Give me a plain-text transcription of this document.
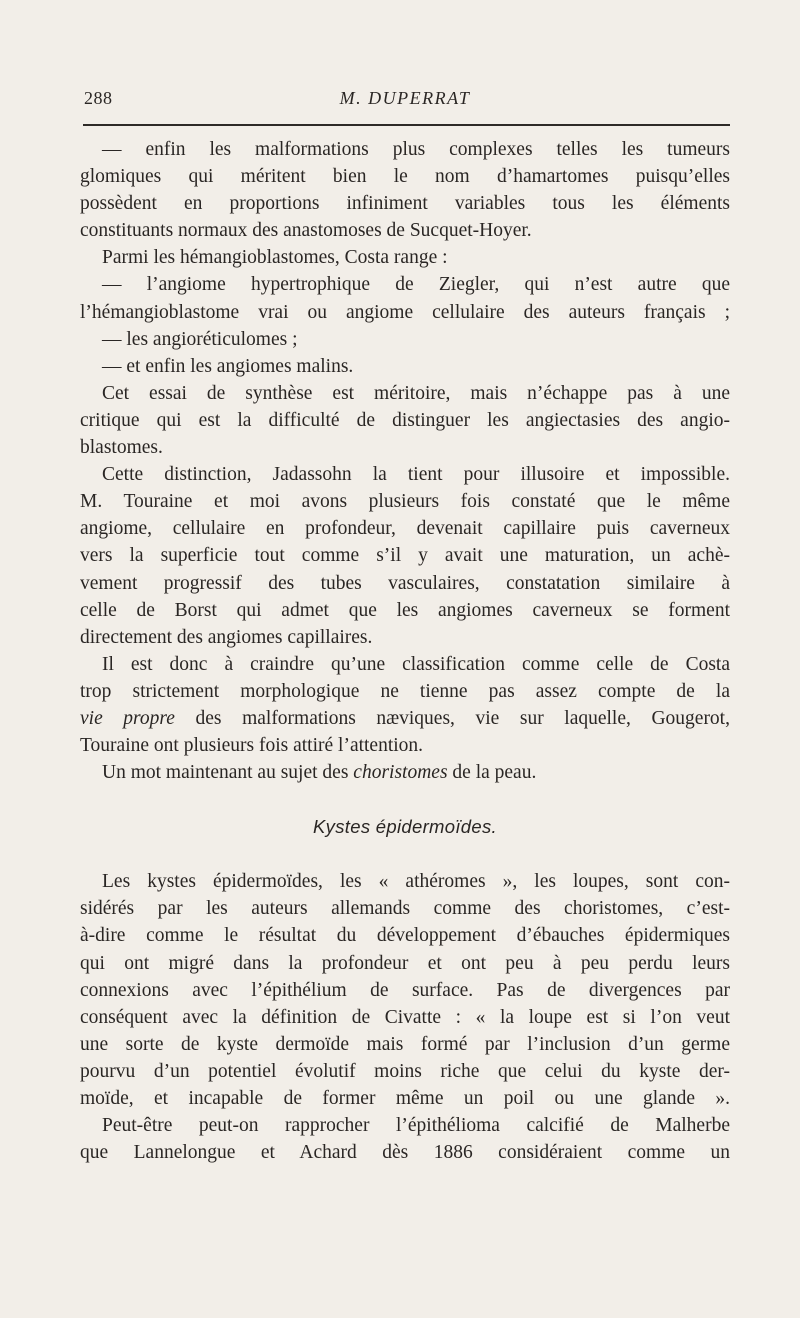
288	M. DUPERRAT
— enfin les malformations plus complexes telles les tumeurs
glomiques qui méritent bien le nom d’hamartomes puisqu’elles
possèdent en proportions infiniment variables tous les éléments
constituants normaux des anastomoses de Sucquet-Hoyer.
Parmi les hémangioblastomes, Costa range :
— l’angiome hypertrophique de Ziegler, qui n’est autre que
l’hémangioblastome vrai ou angiome cellulaire des auteurs français ;
— les angioréticulomes ;
— et enfin les angiomes malins.
Cet essai de synthèse est méritoire, mais n’échappe pas à une
critique qui est la difficulté de distinguer les angiectasies des angio-
blastomes.
Cette distinction, Jadassohn la tient pour illusoire et impossible.
M. Touraine et moi avons plusieurs fois constaté que le même
angiome, cellulaire en profondeur, devenait capillaire puis caverneux
vers la superficie tout comme s’il y avait une maturation, un achè-
vement progressif des tubes vasculaires, constatation similaire à
celle de Borst qui admet que les angiomes caverneux se forment
directement des angiomes capillaires.
Il est donc à craindre qu’une classification comme celle de Costa
trop strictement morphologique ne tienne pas assez compte de la
vie propre des malformations nævique​s, vie sur laquelle, Gougerot,
Touraine ont plusieurs fois attiré l’attention.
Un mot maintenant au sujet des choristomes de la peau.
Kystes épidermoïdes.
Les kystes épidermoïdes, les « athéromes », les loupes, sont con-
sidérés par les auteurs allemands comme des choristomes, c’est-
à-dire comme le résultat du développement d’ébauches épidermiques
qui ont migré dans la profondeur et ont peu à peu perdu leurs
connexions avec l’épithélium de surface. Pas de divergences par
conséquent avec la définition de Civatte : « la loupe est si l’on veut
une sorte de kyste dermoïde mais formé par l’inclusion d’un germe
pourvu d’un potentiel évolutif moins riche que celui du kyste der-
moïde, et incapable de former même un poil ou une glande ».
Peut-être peut-on rapprocher l’épithélioma calcifié de Malherbe
que Lannelongue et Achard dès 1886 considéraient comme un
